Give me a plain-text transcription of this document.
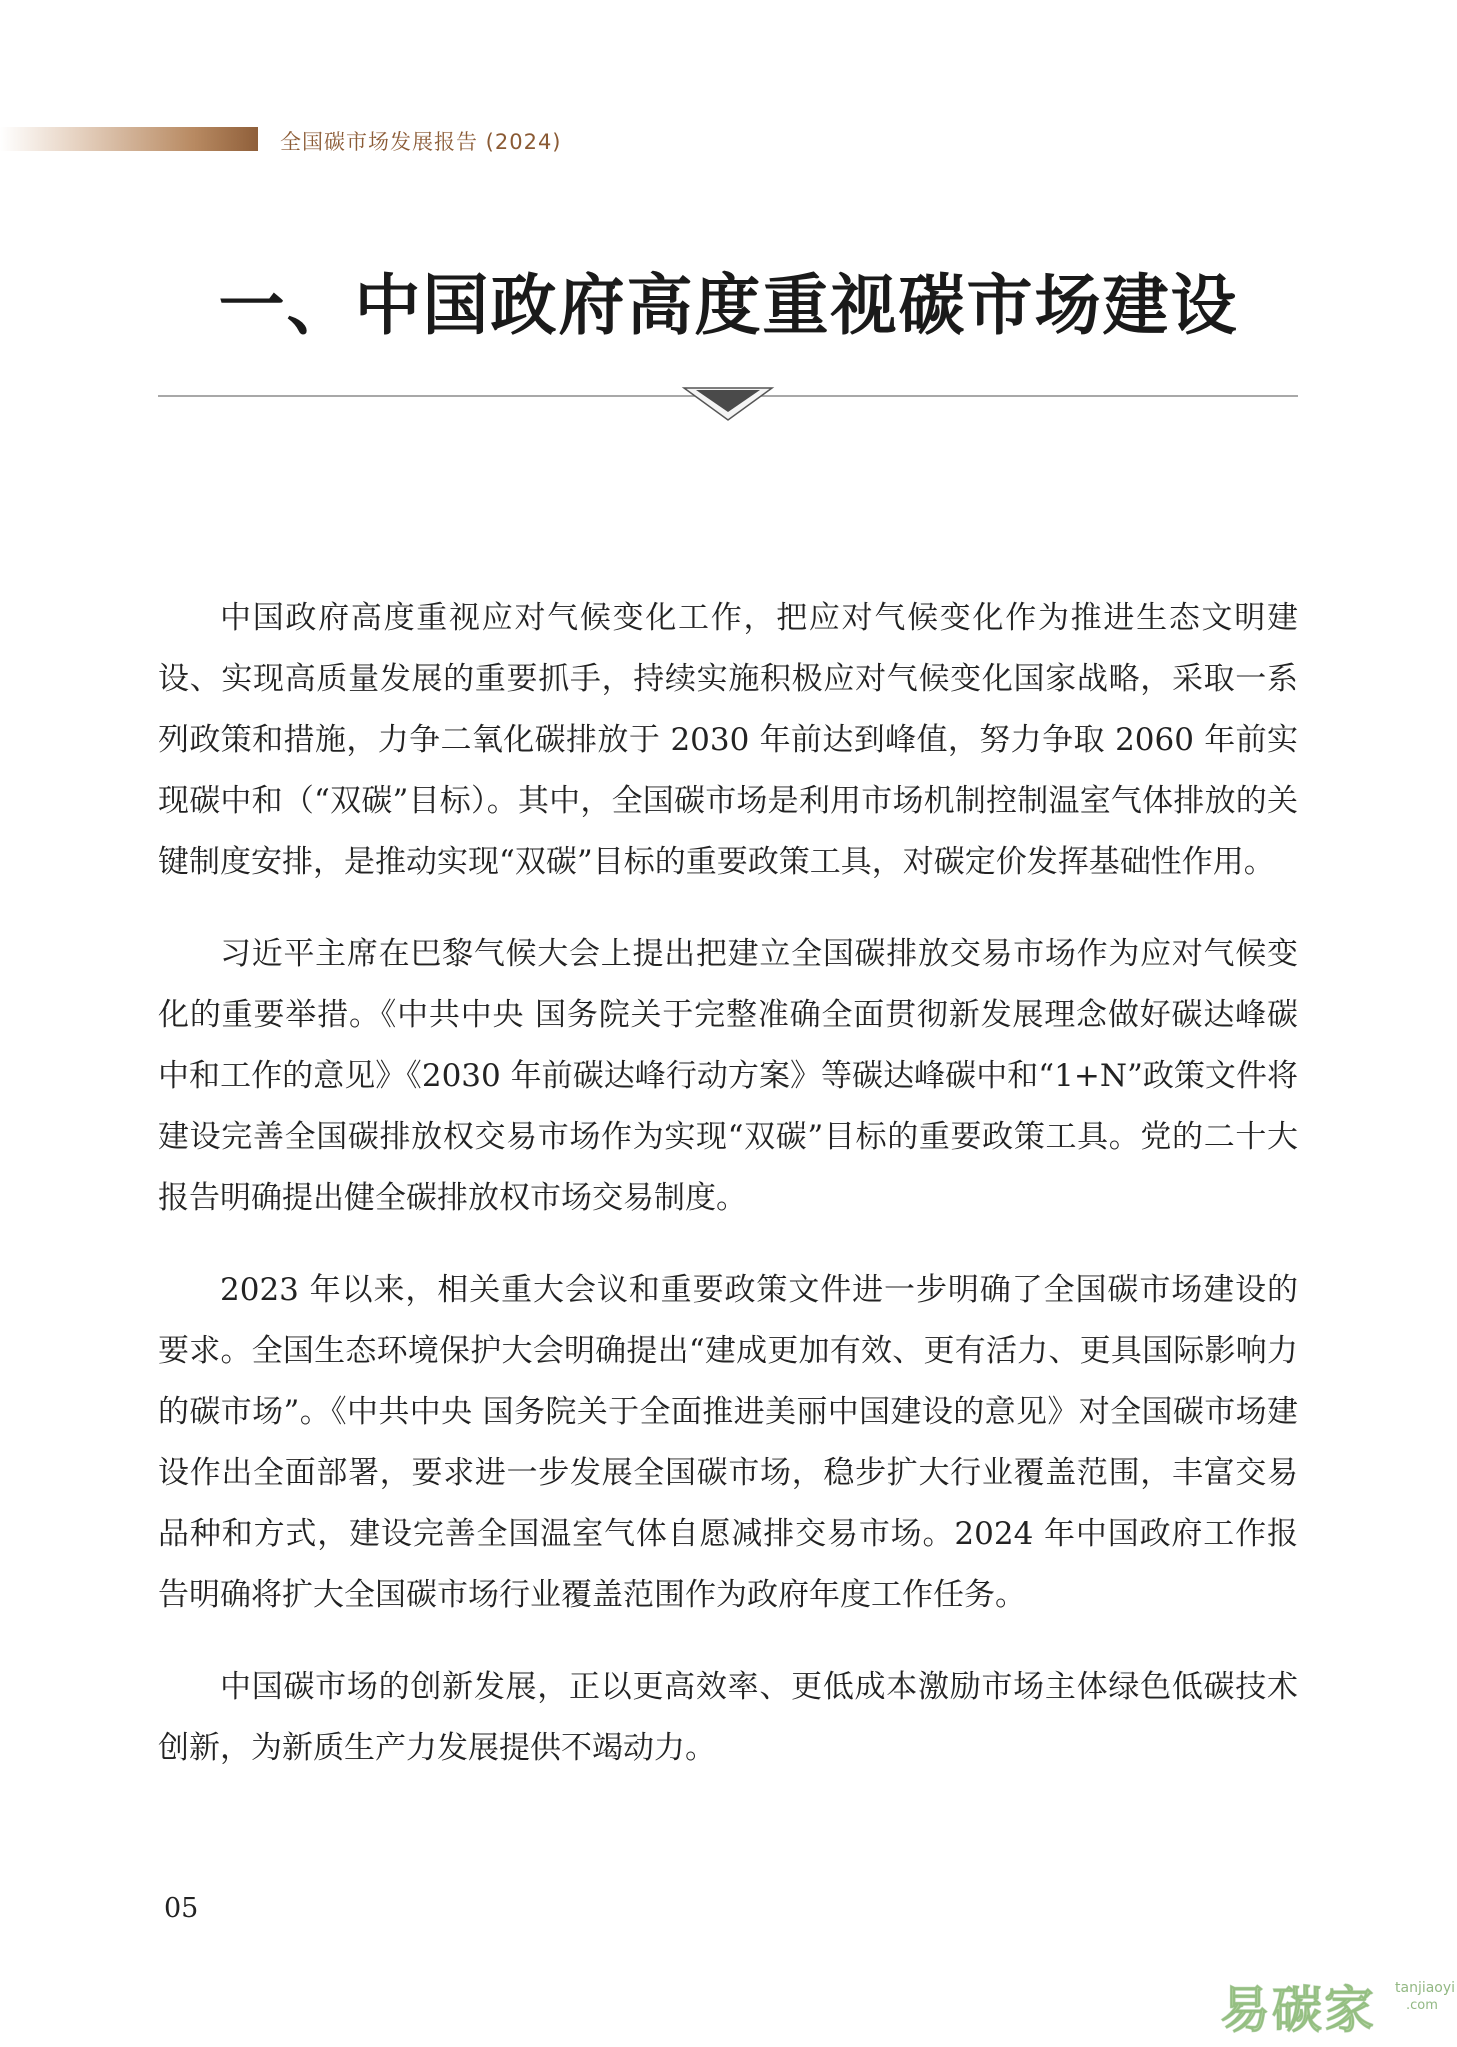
全国碳市场发展报告 (2024)
一、中国政府高度重视碳市场建设

中国政府高度重视应对气候变化工作，把应对气候变化作为推进生态文明建设、实现高质量发展的重要抓手，持续实施积极应对气候变化国家战略，采取一系列政策和措施，力争二氧化碳排放于 2030 年前达到峰值，努力争取 2060 年前实现碳中和（“双碳”目标）。其中，全国碳市场是利用市场机制控制温室气体排放的关键制度安排，是推动实现“双碳”目标的重要政策工具，对碳定价发挥基础性作用。

习近平主席在巴黎气候大会上提出把建立全国碳排放交易市场作为应对气候变化的重要举措。《中共中央 国务院关于完整准确全面贯彻新发展理念做好碳达峰碳中和工作的意见》《2030 年前碳达峰行动方案》等碳达峰碳中和“1+N”政策文件将建设完善全国碳排放权交易市场作为实现“双碳”目标的重要政策工具。党的二十大报告明确提出健全碳排放权市场交易制度。

2023 年以来，相关重大会议和重要政策文件进一步明确了全国碳市场建设的要求。全国生态环境保护大会明确提出“建成更加有效、更有活力、更具国际影响力的碳市场”。《中共中央 国务院关于全面推进美丽中国建设的意见》对全国碳市场建设作出全面部署，要求进一步发展全国碳市场，稳步扩大行业覆盖范围，丰富交易品种和方式，建设完善全国温室气体自愿减排交易市场。2024 年中国政府工作报告明确将扩大全国碳市场行业覆盖范围作为政府年度工作任务。

中国碳市场的创新发展，正以更高效率、更低成本激励市场主体绿色低碳技术创新，为新质生产力发展提供不竭动力。

05
易碳家 tanjiaoyi
.com
